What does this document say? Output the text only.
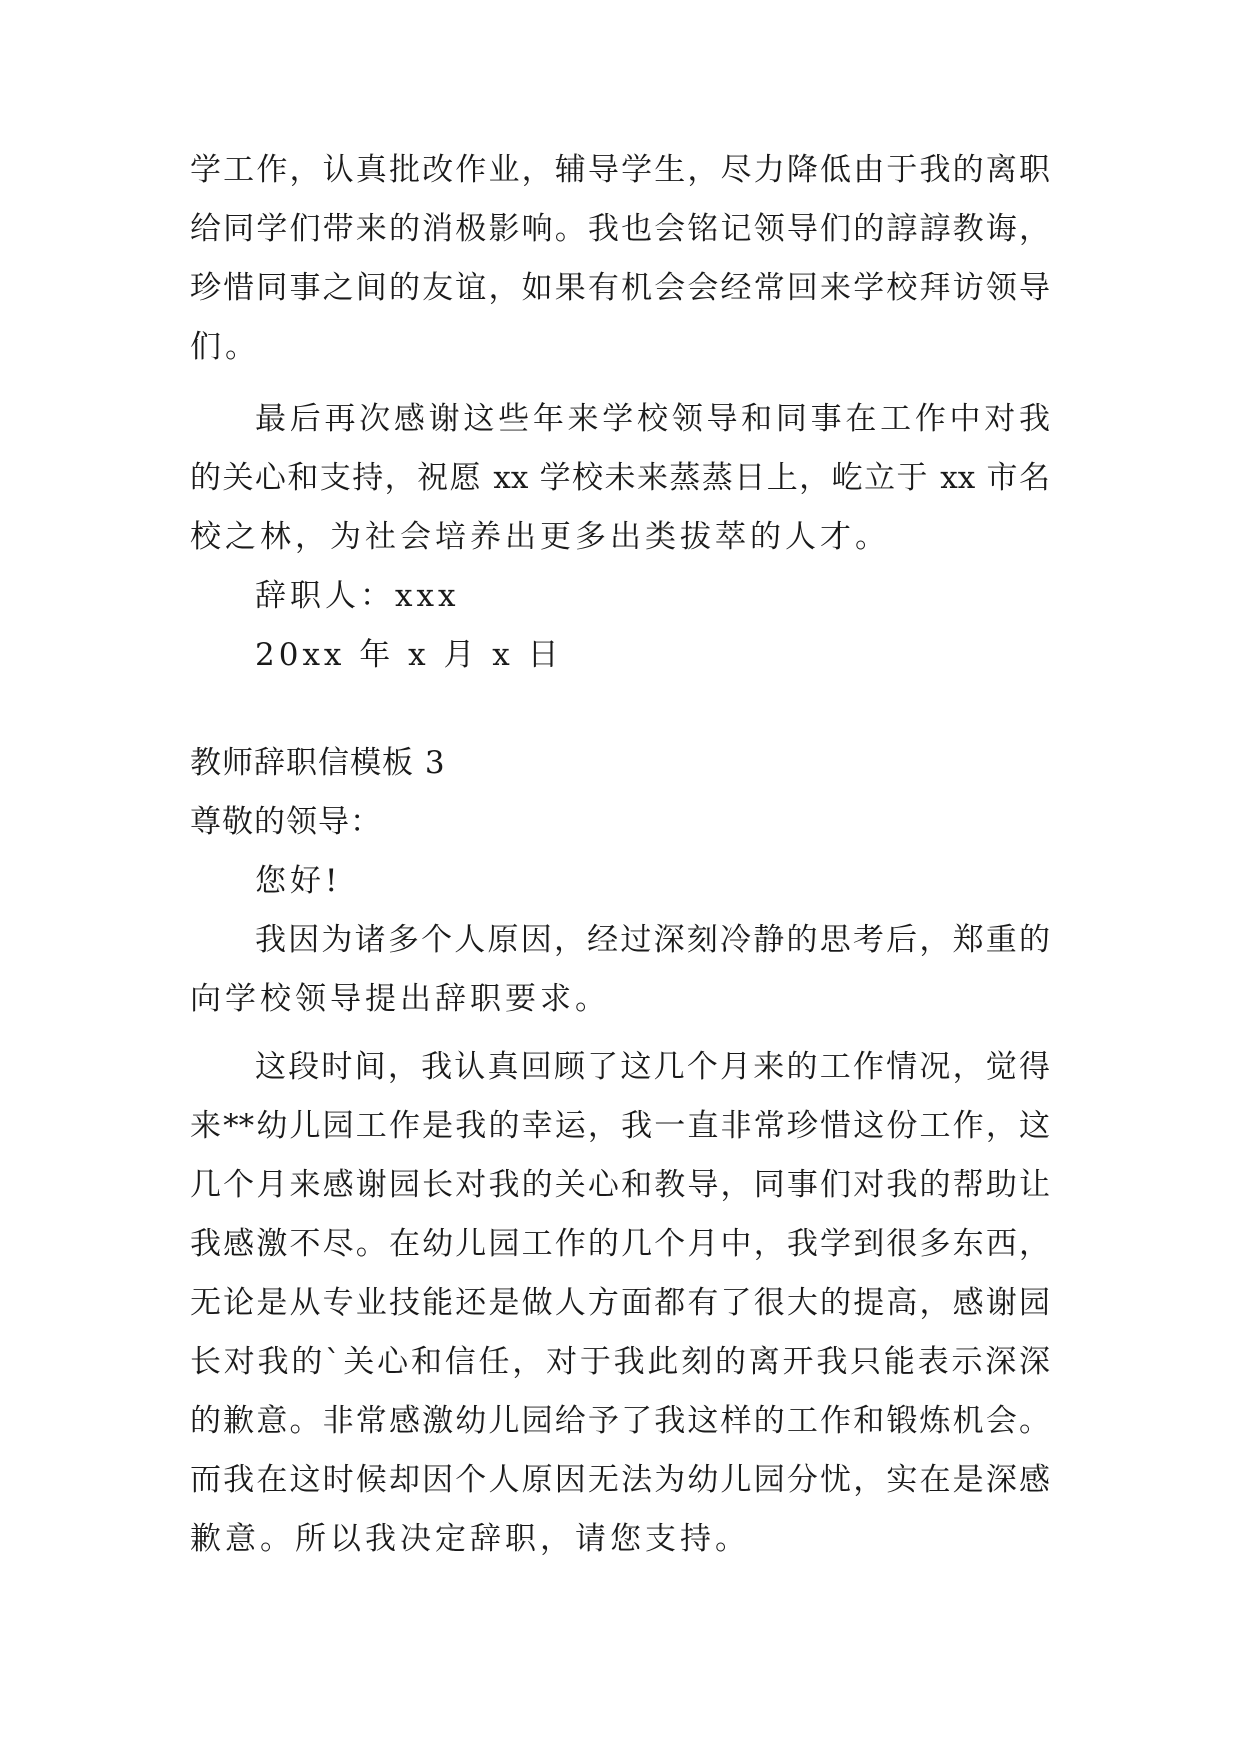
学工作，认真批改作业，辅导学生，尽力降低由于我的离职
给同学们带来的消极影响。我也会铭记领导们的諄諄教诲，
珍惜同事之间的友谊，如果有机会会经常回来学校拜访领导
们。
最后再次感谢这些年来学校领导和同事在工作中对我
的关心和支持，祝愿 xx 学校未来蒸蒸日上，屹立于 xx 市名
校之林，为社会培养出更多出类拔萃的人才。
辞职人：xxx
20xx 年 x 月 x 日
教师辞职信模板 3
尊敬的领导：
您好!
我因为诸多个人原因，经过深刻冷静的思考后，郑重的
向学校领导提出辞职要求。
这段时间，我认真回顾了这几个月来的工作情况，觉得
来**幼儿园工作是我的幸运，我一直非常珍惜这份工作，这
几个月来感谢园长对我的关心和教导，同事们对我的帮助让
我感激不尽。在幼儿园工作的几个月中，我学到很多东西，
无论是从专业技能还是做人方面都有了很大的提高，感谢园
长对我的`关心和信任，对于我此刻的离开我只能表示深深
的歉意。非常感激幼儿园给予了我这样的工作和锻炼机会。
而我在这时候却因个人原因无法为幼儿园分忧，实在是深感
歉意。所以我决定辞职，请您支持。
